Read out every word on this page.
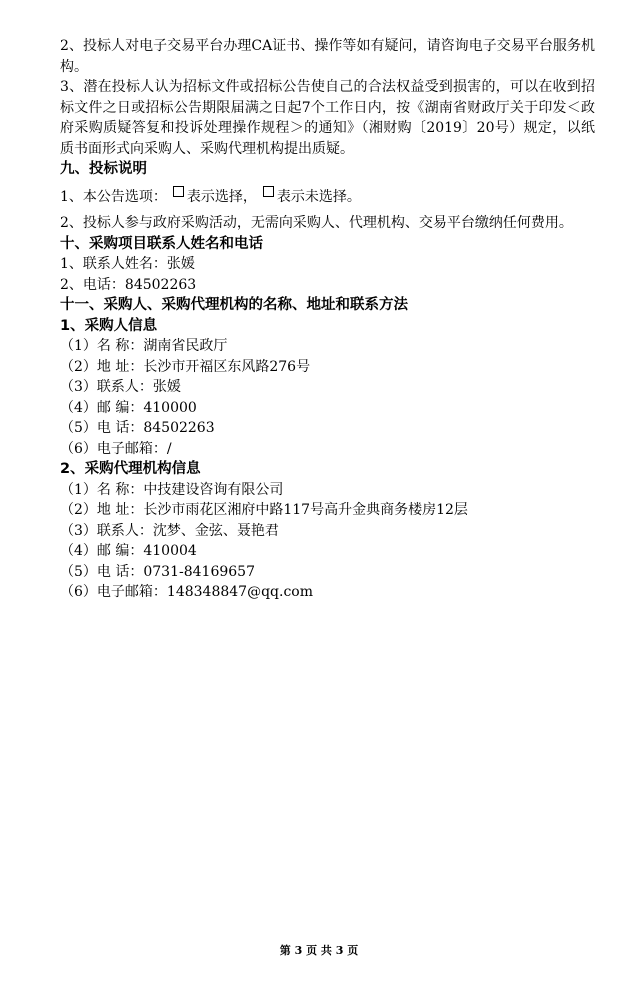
2、投标人对电子交易平台办理CA证书、操作等如有疑问，请咨询电子交易平台服务机构。

3、潜在投标人认为招标文件或招标公告使自己的合法权益受到损害的，可以在收到招标文件之日或招标公告期限届满之日起7个工作日内，按《湖南省财政厅关于印发＜政府采购质疑答复和投诉处理操作规程＞的通知》（湘财购〔2019〕20号）规定，以纸质书面形式向采购人、采购代理机构提出质疑。

九、投标说明

1、本公告选项： 表示选择， 表示未选择。

2、投标人参与政府采购活动，无需向采购人、代理机构、交易平台缴纳任何费用。

十、采购项目联系人姓名和电话

1、联系人姓名：张媛

2、电话：84502263

十一、采购人、采购代理机构的名称、地址和联系方法

1、采购人信息

（1）名 称：湖南省民政厅

（2）地 址：长沙市开福区东风路276号

（3）联系人：张媛

（4）邮 编：410000

（5）电 话：84502263

（6）电子邮箱：/

2、采购代理机构信息

（1）名 称：中技建设咨询有限公司

（2）地 址：长沙市雨花区湘府中路117号高升金典商务楼房12层

（3）联系人：沈梦、金弦、聂艳君

（4）邮 编：410004

（5）电 话：0731-84169657

（6）电子邮箱：148348847@qq.com

第 3 页 共 3 页
